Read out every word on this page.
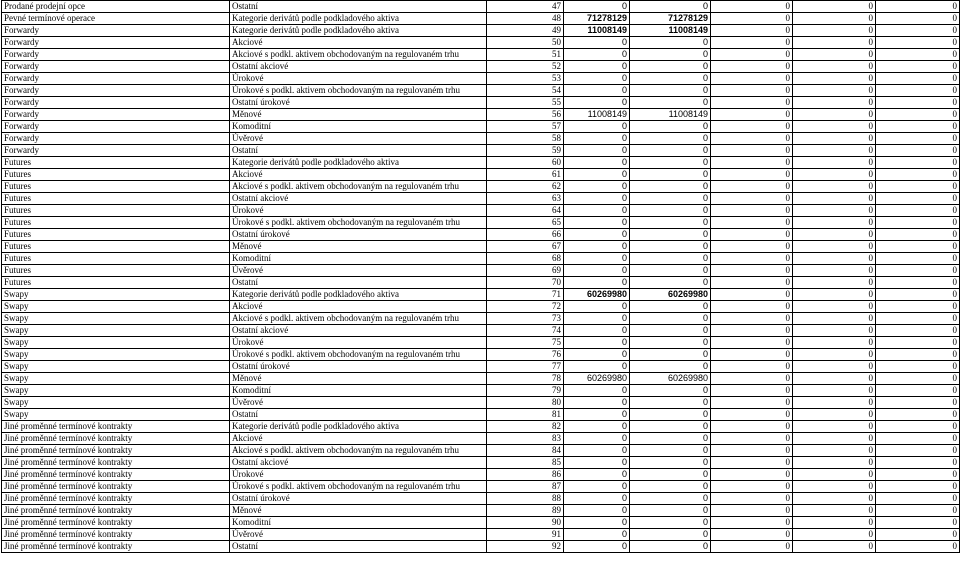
Prodané prodejní opce	Ostatní	47	0	0	0	0	0
Pevné termínové operace	Kategorie derivátů podle podkladového aktiva	48	71278129	71278129	0	0	0
Forwardy	Kategorie derivátů podle podkladového aktiva	49	11008149	11008149	0	0	0
Forwardy	Akciové	50	0	0	0	0	0
Forwardy	Akciové s podkl. aktivem obchodovaným na regulovaném trhu	51	0	0	0	0	0
Forwardy	Ostatní akciové	52	0	0	0	0	0
Forwardy	Úrokové	53	0	0	0	0	0
Forwardy	Úrokové s podkl. aktivem obchodovaným na regulovaném trhu	54	0	0	0	0	0
Forwardy	Ostatní úrokové	55	0	0	0	0	0
Forwardy	Měnové	56	11008149	11008149	0	0	0
Forwardy	Komoditní	57	0	0	0	0	0
Forwardy	Úvěrové	58	0	0	0	0	0
Forwardy	Ostatní	59	0	0	0	0	0
Futures	Kategorie derivátů podle podkladového aktiva	60	0	0	0	0	0
Futures	Akciové	61	0	0	0	0	0
Futures	Akciové s podkl. aktivem obchodovaným na regulovaném trhu	62	0	0	0	0	0
Futures	Ostatní akciové	63	0	0	0	0	0
Futures	Úrokové	64	0	0	0	0	0
Futures	Úrokové s podkl. aktivem obchodovaným na regulovaném trhu	65	0	0	0	0	0
Futures	Ostatní úrokové	66	0	0	0	0	0
Futures	Měnové	67	0	0	0	0	0
Futures	Komoditní	68	0	0	0	0	0
Futures	Úvěrové	69	0	0	0	0	0
Futures	Ostatní	70	0	0	0	0	0
Swapy	Kategorie derivátů podle podkladového aktiva	71	60269980	60269980	0	0	0
Swapy	Akciové	72	0	0	0	0	0
Swapy	Akciové s podkl. aktivem obchodovaným na regulovaném trhu	73	0	0	0	0	0
Swapy	Ostatní akciové	74	0	0	0	0	0
Swapy	Úrokové	75	0	0	0	0	0
Swapy	Úrokové s podkl. aktivem obchodovaným na regulovaném trhu	76	0	0	0	0	0
Swapy	Ostatní úrokové	77	0	0	0	0	0
Swapy	Měnové	78	60269980	60269980	0	0	0
Swapy	Komoditní	79	0	0	0	0	0
Swapy	Úvěrové	80	0	0	0	0	0
Swapy	Ostatní	81	0	0	0	0	0
Jiné proměnné termínové kontrakty	Kategorie derivátů podle podkladového aktiva	82	0	0	0	0	0
Jiné proměnné termínové kontrakty	Akciové	83	0	0	0	0	0
Jiné proměnné termínové kontrakty	Akciové s podkl. aktivem obchodovaným na regulovaném trhu	84	0	0	0	0	0
Jiné proměnné termínové kontrakty	Ostatní akciové	85	0	0	0	0	0
Jiné proměnné termínové kontrakty	Úrokové	86	0	0	0	0	0
Jiné proměnné termínové kontrakty	Úrokové s podkl. aktivem obchodovaným na regulovaném trhu	87	0	0	0	0	0
Jiné proměnné termínové kontrakty	Ostatní úrokové	88	0	0	0	0	0
Jiné proměnné termínové kontrakty	Měnové	89	0	0	0	0	0
Jiné proměnné termínové kontrakty	Komoditní	90	0	0	0	0	0
Jiné proměnné termínové kontrakty	Úvěrové	91	0	0	0	0	0
Jiné proměnné termínové kontrakty	Ostatní	92	0	0	0	0	0
